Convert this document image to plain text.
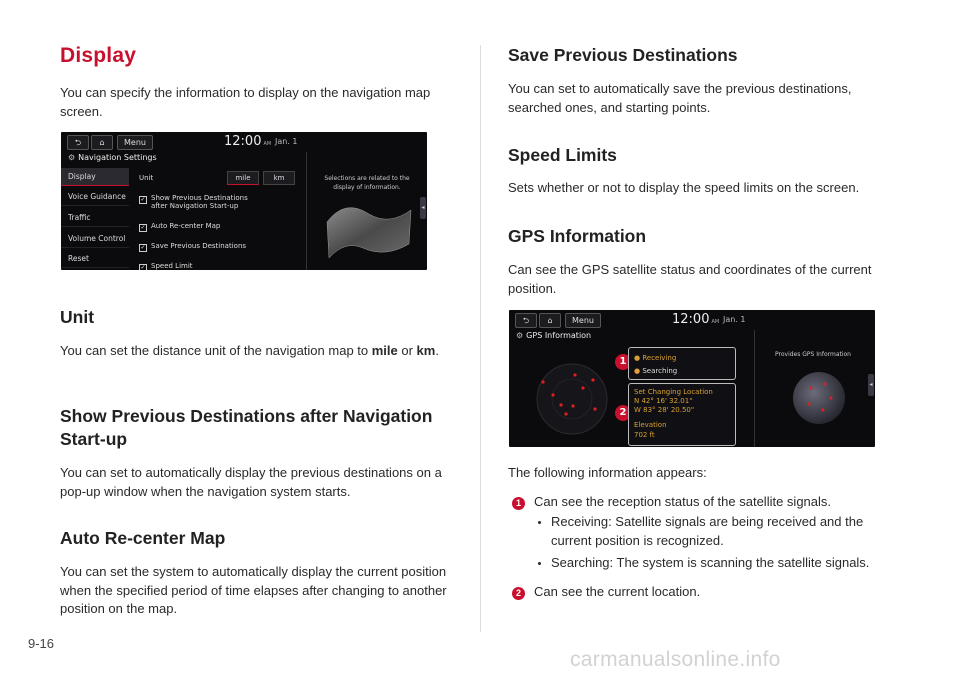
Display

You can specify the information to display on the navigation map screen.

⮌	⌂	Menu	12:00 AM Jan. 1
⚙ Navigation Settings
Display
Voice Guidance
Traffic
Volume Control
Reset
Unit	mile	km
✓ Show Previous Destinations
after Navigation Start-up
✓ Auto Re-center Map
✓ Save Previous Destinations
✓ Speed Limit
Selections are related to the
display of information.
◂
Unit

You can set the distance unit of the navigation map to mile or km.

Show Previous Destinations after Navigation
Start-up

You can set to automatically display the previous destinations on a pop-up window when the navigation system starts.

Auto Re-center Map

You can set the system to automatically display the current position when the specified period of time elapses after changing to another position on the map.

Save Previous Destinations

You can set to automatically save the previous destinations, searched ones, and starting points.

Speed Limits

Sets whether or not to display the speed limits on the screen.

GPS Information

Can see the GPS satellite status and coordinates of the current position.

⮌	⌂	Menu	12:00 AM Jan. 1
⚙ GPS Information
1
2
● Receiving
● Searching
Set Changing Location
N 42° 16' 32.01"
W 83° 28' 20.50"
Elevation
702 ft
Provides GPS Information
◂

The following information appears:

1 Can see the reception status of the satellite signals.

Receiving: Satellite signals are being received and the current position is recognized.

Searching: The system is scanning the satellite signals.

2 Can see the current location.

9-16
carmanualsonline.info
